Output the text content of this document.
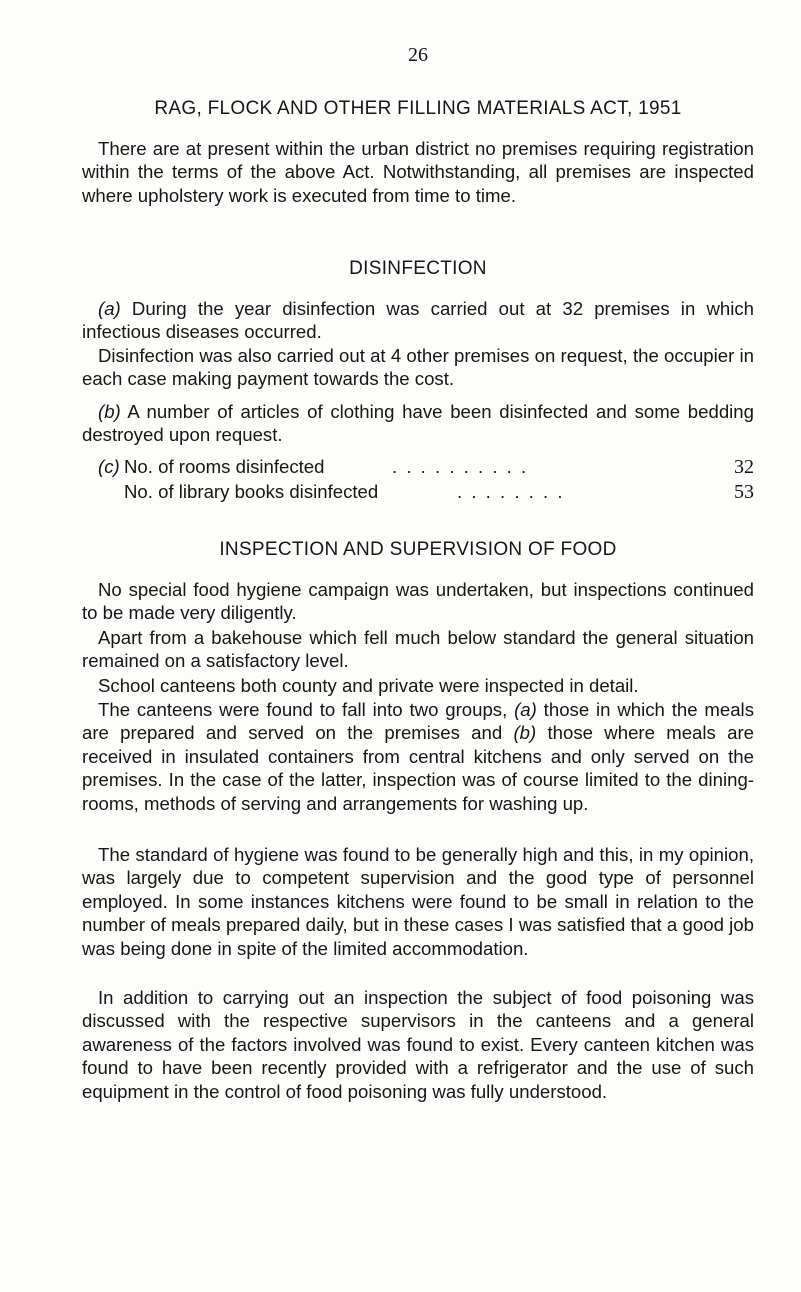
26
RAG, FLOCK AND OTHER FILLING MATERIALS ACT, 1951

There are at present within the urban district no premises requiring registration within the terms of the above Act. Notwithstanding, all premises are inspected where upholstery work is executed from time to time.

DISINFECTION

(a) During the year disinfection was carried out at 32 premises in which infectious diseases occurred.

Disinfection was also carried out at 4 other premises on request, the occupier in each case making payment towards the cost.

(b) A number of articles of clothing have been disinfected and some bedding destroyed upon request.

(c) No. of rooms disinfected	. . . . . . . . . .	32
No. of library books disinfected	. . . . . . . .	53
INSPECTION AND SUPERVISION OF FOOD

No special food hygiene campaign was undertaken, but inspections continued to be made very diligently.

Apart from a bakehouse which fell much below standard the general situation remained on a satisfactory level.

School canteens both county and private were inspected in detail.

The canteens were found to fall into two groups, (a) those in which the meals are prepared and served on the premises and (b) those where meals are received in insulated containers from central kitchens and only served on the premises. In the case of the latter, inspection was of course limited to the dining-rooms, methods of serving and arrangements for washing up.

The standard of hygiene was found to be generally high and this, in my opinion, was largely due to competent supervision and the good type of personnel employed. In some instances kitchens were found to be small in relation to the number of meals prepared daily, but in these cases I was satisfied that a good job was being done in spite of the limited accommodation.

In addition to carrying out an inspection the subject of food poisoning was discussed with the respective supervisors in the canteens and a general awareness of the factors involved was found to exist. Every canteen kitchen was found to have been recently provided with a refrigerator and the use of such equipment in the control of food poisoning was fully understood.
